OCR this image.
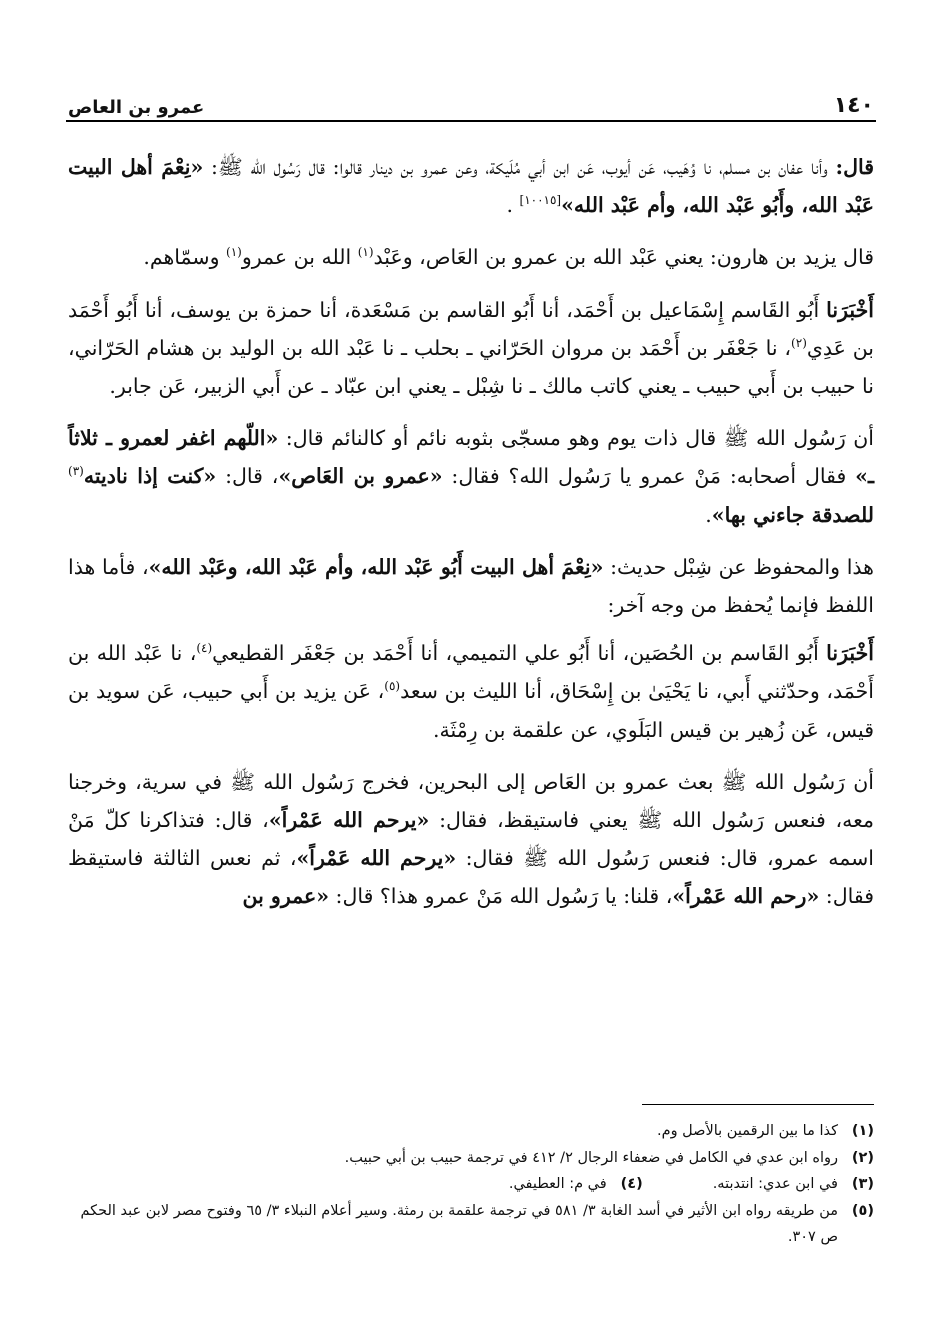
١٤٠
عمرو بن العاص

قال: وأنا عفان بن مسلم، نا وُهَيب، عَن أيوب، عَن ابن أبي مُلَيكة، وعن عمرو بن دينار قالوا: قال رَسُول الله ﷺ: «نِعْمَ أهل البيت عَبْد الله، وأَبُو عَبْد الله، وأم عَبْد الله»[١٠٠١٥] .

قال يزيد بن هارون: يعني عَبْد الله بن عمرو بن العَاص، وعَبْد$^{(١)}$ الله بن عمرو$^{(١)}$ وسمّاهم.

أَخْبَرَنا أَبُو القَاسم إِسْمَاعيل بن أَحْمَد، أنا أَبُو القاسم بن مَسْعَدة، أنا حمزة بن يوسف، أنا أَبُو أَحْمَد بن عَدِي$^{(٢)}$، نا جَعْفَر بن أَحْمَد بن مروان الحَرّاني ـ بحلب ـ نا عَبْد الله بن الوليد بن هشام الحَرّاني، نا حبيب بن أَبي حبيب ـ يعني كاتب مالك ـ نا شِبْل ـ يعني ابن عبّاد ـ عن أَبي الزبير، عَن جابر.

أن رَسُول الله ﷺ قال ذات يوم وهو مسجّى بثوبه نائم أو كالنائم قال: «اللّهم اغفر لعمرو ـ ثلاثاً ـ» فقال أصحابه: مَنْ عمرو يا رَسُول الله؟ فقال: «عمرو بن العَاص»، قال: «كنت إذا ناديته$^{(٣)}$ للصدقة جاءني بها».

هذا والمحفوظ عن شِبْل حديث: «نِعْمَ أهل البيت أَبُو عَبْد الله، وأم عَبْد الله، وعَبْد الله»، فأما هذا اللفظ فإنما يُحفظ من وجه آخر:

أَخْبَرَنا أَبُو القَاسم بن الحُصَين، أنا أَبُو علي التميمي، أنا أَحْمَد بن جَعْفَر القطيعي$^{(٤)}$، نا عَبْد الله بن أَحْمَد، وحدّثني أَبي، نا يَحْيَىٰ بن إِسْحَاق، أنا الليث بن سعد$^{(٥)}$، عَن يزيد بن أَبي حبيب، عَن سويد بن قيس، عَن زُهير بن قيس البَلَوي، عن علقمة بن رِمْثَة.

أن رَسُول الله ﷺ بعث عمرو بن العَاص إلى البحرين، فخرج رَسُول الله ﷺ في سرية، وخرجنا معه، فنعس رَسُول الله ﷺ يعني فاستيقظ، فقال: «يرحم الله عَمْراً»، قال: فتذاكرنا كلّ مَنْ اسمه عمرو، قال: فنعس رَسُول الله ﷺ فقال: «يرحم الله عَمْراً»، ثم نعس الثالثة فاستيقظ فقال: «رحم الله عَمْراً»، قلنا: يا رَسُول الله مَنْ عمرو هذا؟ قال: «عمرو بن

(١)
كذا ما بين الرقمين بالأصل وم.
(٢)
رواه ابن عدي في الكامل في ضعفاء الرجال ٢/ ٤١٢ في ترجمة حبيب بن أبي حبيب.
(٣)
في ابن عدي: انتدبته.
(٤)
في م: العطيفي.
(٥)
من طريقه رواه ابن الأثير في أسد الغابة ٣/ ٥٨١ في ترجمة علقمة بن رمثة. وسير أعلام النبلاء ٣/ ٦٥ وفتوح مصر لابن عبد الحكم ص ٣٠٧.
